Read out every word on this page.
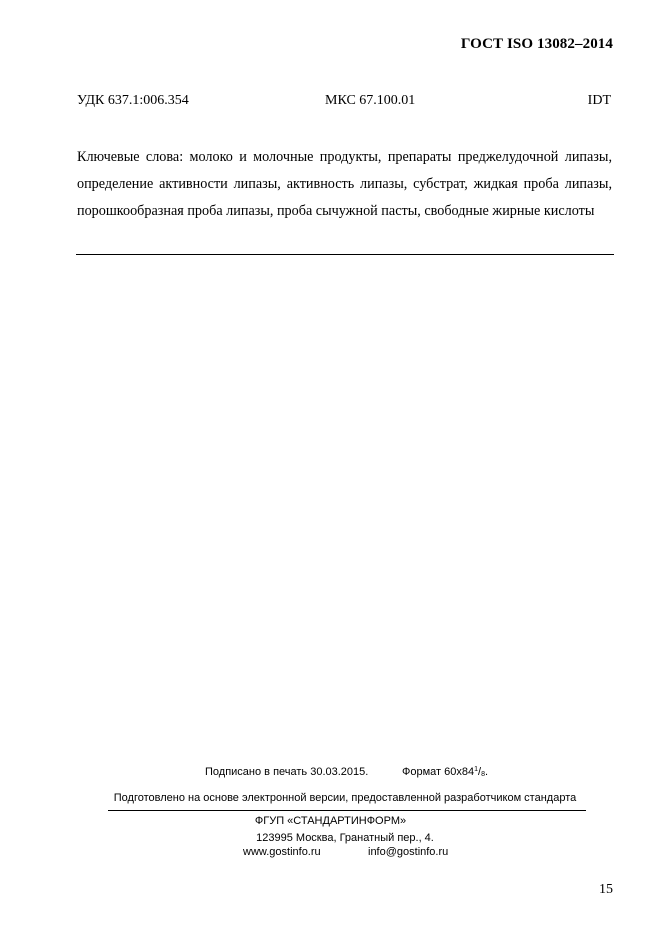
ГОСТ ISO 13082–2014
УДК 637.1:006.354	МКС 67.100.01	IDT
Ключевые слова: молоко и молочные продукты, препараты преджелудочной липазы, определение активности липазы, активность липазы, субстрат, жидкая проба липазы, порошкообразная проба липазы, проба сычужной пасты, свободные жирные кислоты
Подписано в печать 30.03.2015.	Формат $60x84^1/_8$.
Подготовлено на основе электронной версии, предоставленной разработчиком стандарта
ФГУП «СТАНДАРТИНФОРМ»
123995 Москва, Гранатный пер., 4.
www.gostinfo.ru	info@gostinfo.ru
15
